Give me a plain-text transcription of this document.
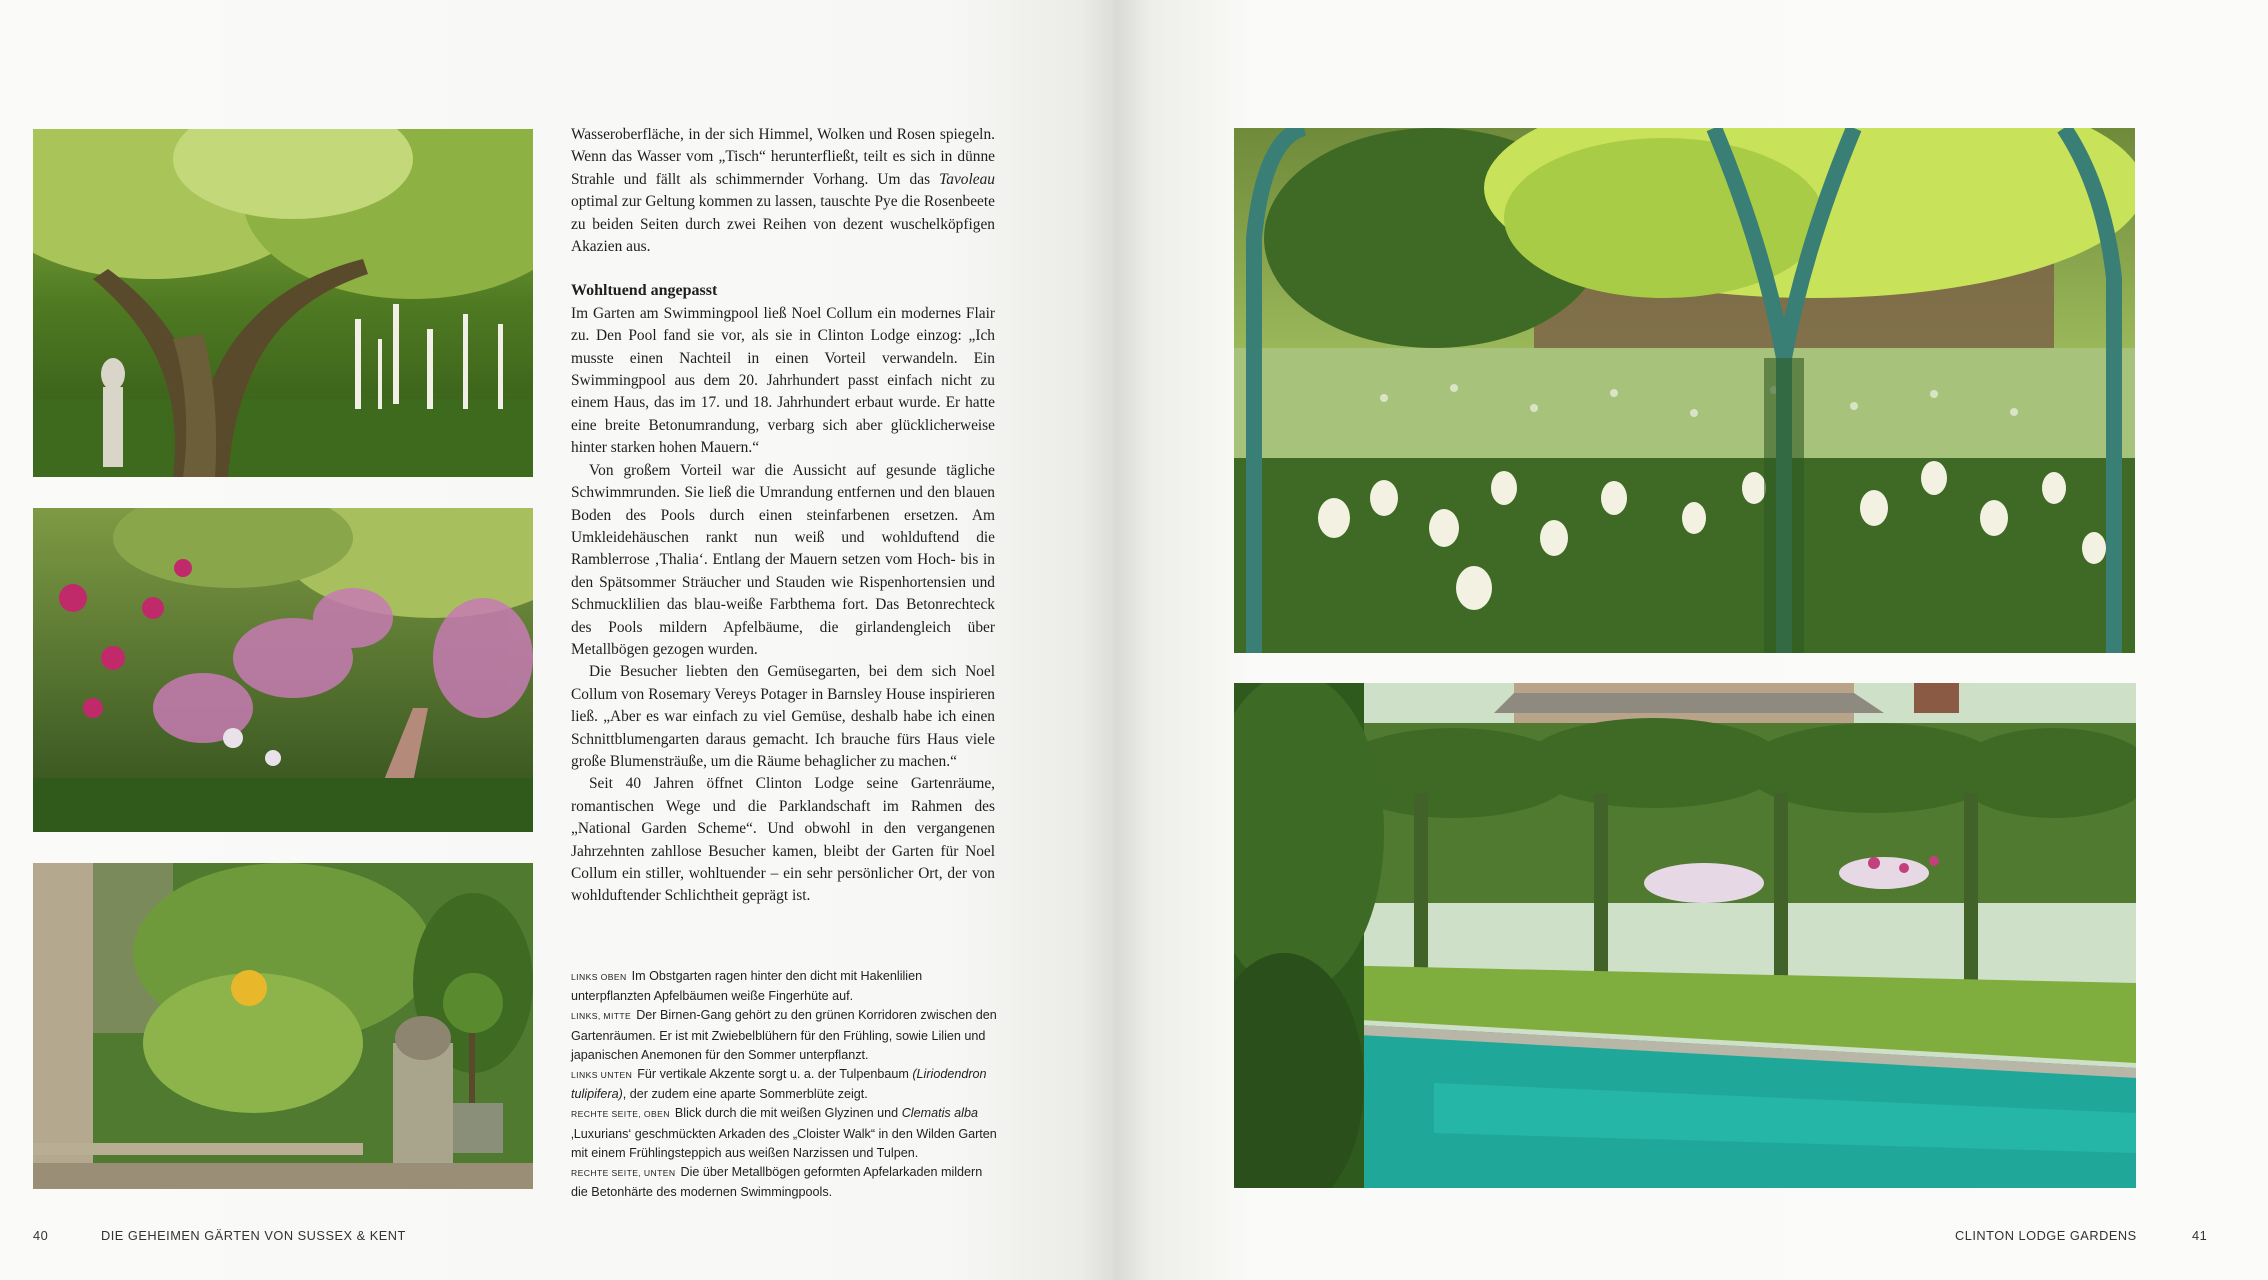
Wasseroberfläche, in der sich Himmel, Wolken und Rosen spiegeln. Wenn das Wasser vom „Tisch“ herunterfließt, teilt es sich in dünne Strahle und fällt als schimmernder Vorhang. Um das Tavoleau optimal zur Geltung kommen zu lassen, tauschte Pye die Rosenbeete zu beiden Seiten durch zwei Reihen von dezent wuschelköpfigen Akazien aus.

Wohltuend angepasst

Im Garten am Swimmingpool ließ Noel Collum ein modernes Flair zu. Den Pool fand sie vor, als sie in Clinton Lodge einzog: „Ich musste einen Nachteil in einen Vorteil verwandeln. Ein Swimmingpool aus dem 20. Jahrhundert passt einfach nicht zu einem Haus, das im 17. und 18. Jahrhundert erbaut wurde. Er hatte eine breite Betonumrandung, verbarg sich aber glücklicherweise hinter starken hohen Mauern.“

Von großem Vorteil war die Aussicht auf gesunde tägliche Schwimmrunden. Sie ließ die Umrandung entfernen und den blauen Boden des Pools durch einen steinfarbenen ersetzen. Am Umkleidehäuschen rankt nun weiß und wohlduftend die Ramblerrose ‚Thalia‘. Entlang der Mauern setzen vom Hoch- bis in den Spätsommer Sträucher und Stauden wie Rispenhortensien und Schmucklilien das blau-weiße Farbthema fort. Das Betonrechteck des Pools mildern Apfelbäume, die girlandengleich über Metallbögen gezogen wurden.

Die Besucher liebten den Gemüsegarten, bei dem sich Noel Collum von Rosemary Vereys Potager in Barnsley House inspirieren ließ. „Aber es war einfach zu viel Gemüse, deshalb habe ich einen Schnittblumengarten daraus gemacht. Ich brauche fürs Haus viele große Blumensträuße, um die Räume behaglicher zu machen.“

Seit 40 Jahren öffnet Clinton Lodge seine Gartenräume, romantischen Wege und die Parklandschaft im Rahmen des „National Garden Scheme“. Und obwohl in den vergangenen Jahrzehnten zahllose Besucher kamen, bleibt der Garten für Noel Collum ein stiller, wohltuender – ein sehr persönlicher Ort, der von wohlduftender Schlichtheit geprägt ist.

LINKS OBEN Im Obstgarten ragen hinter den dicht mit Hakenlilien unterpflanzten Apfelbäumen weiße Fingerhüte auf.

LINKS, MITTE Der Birnen-Gang gehört zu den grünen Korridoren zwischen den Gartenräumen. Er ist mit Zwiebelblühern für den Frühling, sowie Lilien und japanischen Anemonen für den Sommer unterpflanzt.

LINKS UNTEN Für vertikale Akzente sorgt u. a. der Tulpenbaum (Liriodendron tulipifera), der zudem eine aparte Sommerblüte zeigt.

RECHTE SEITE, OBEN Blick durch die mit weißen Glyzinen und Clematis alba ‚Luxurians‘ geschmückten Arkaden des „Cloister Walk“ in den Wilden Garten mit einem Frühlingsteppich aus weißen Narzissen und Tulpen.

RECHTE SEITE, UNTEN Die über Metallbögen geformten Apfelarkaden mildern die Betonhärte des modernen Swimmingpools.

40	DIE GEHEIMEN GÄRTEN VON SUSSEX & KENT	CLINTON LODGE GARDENS	41
